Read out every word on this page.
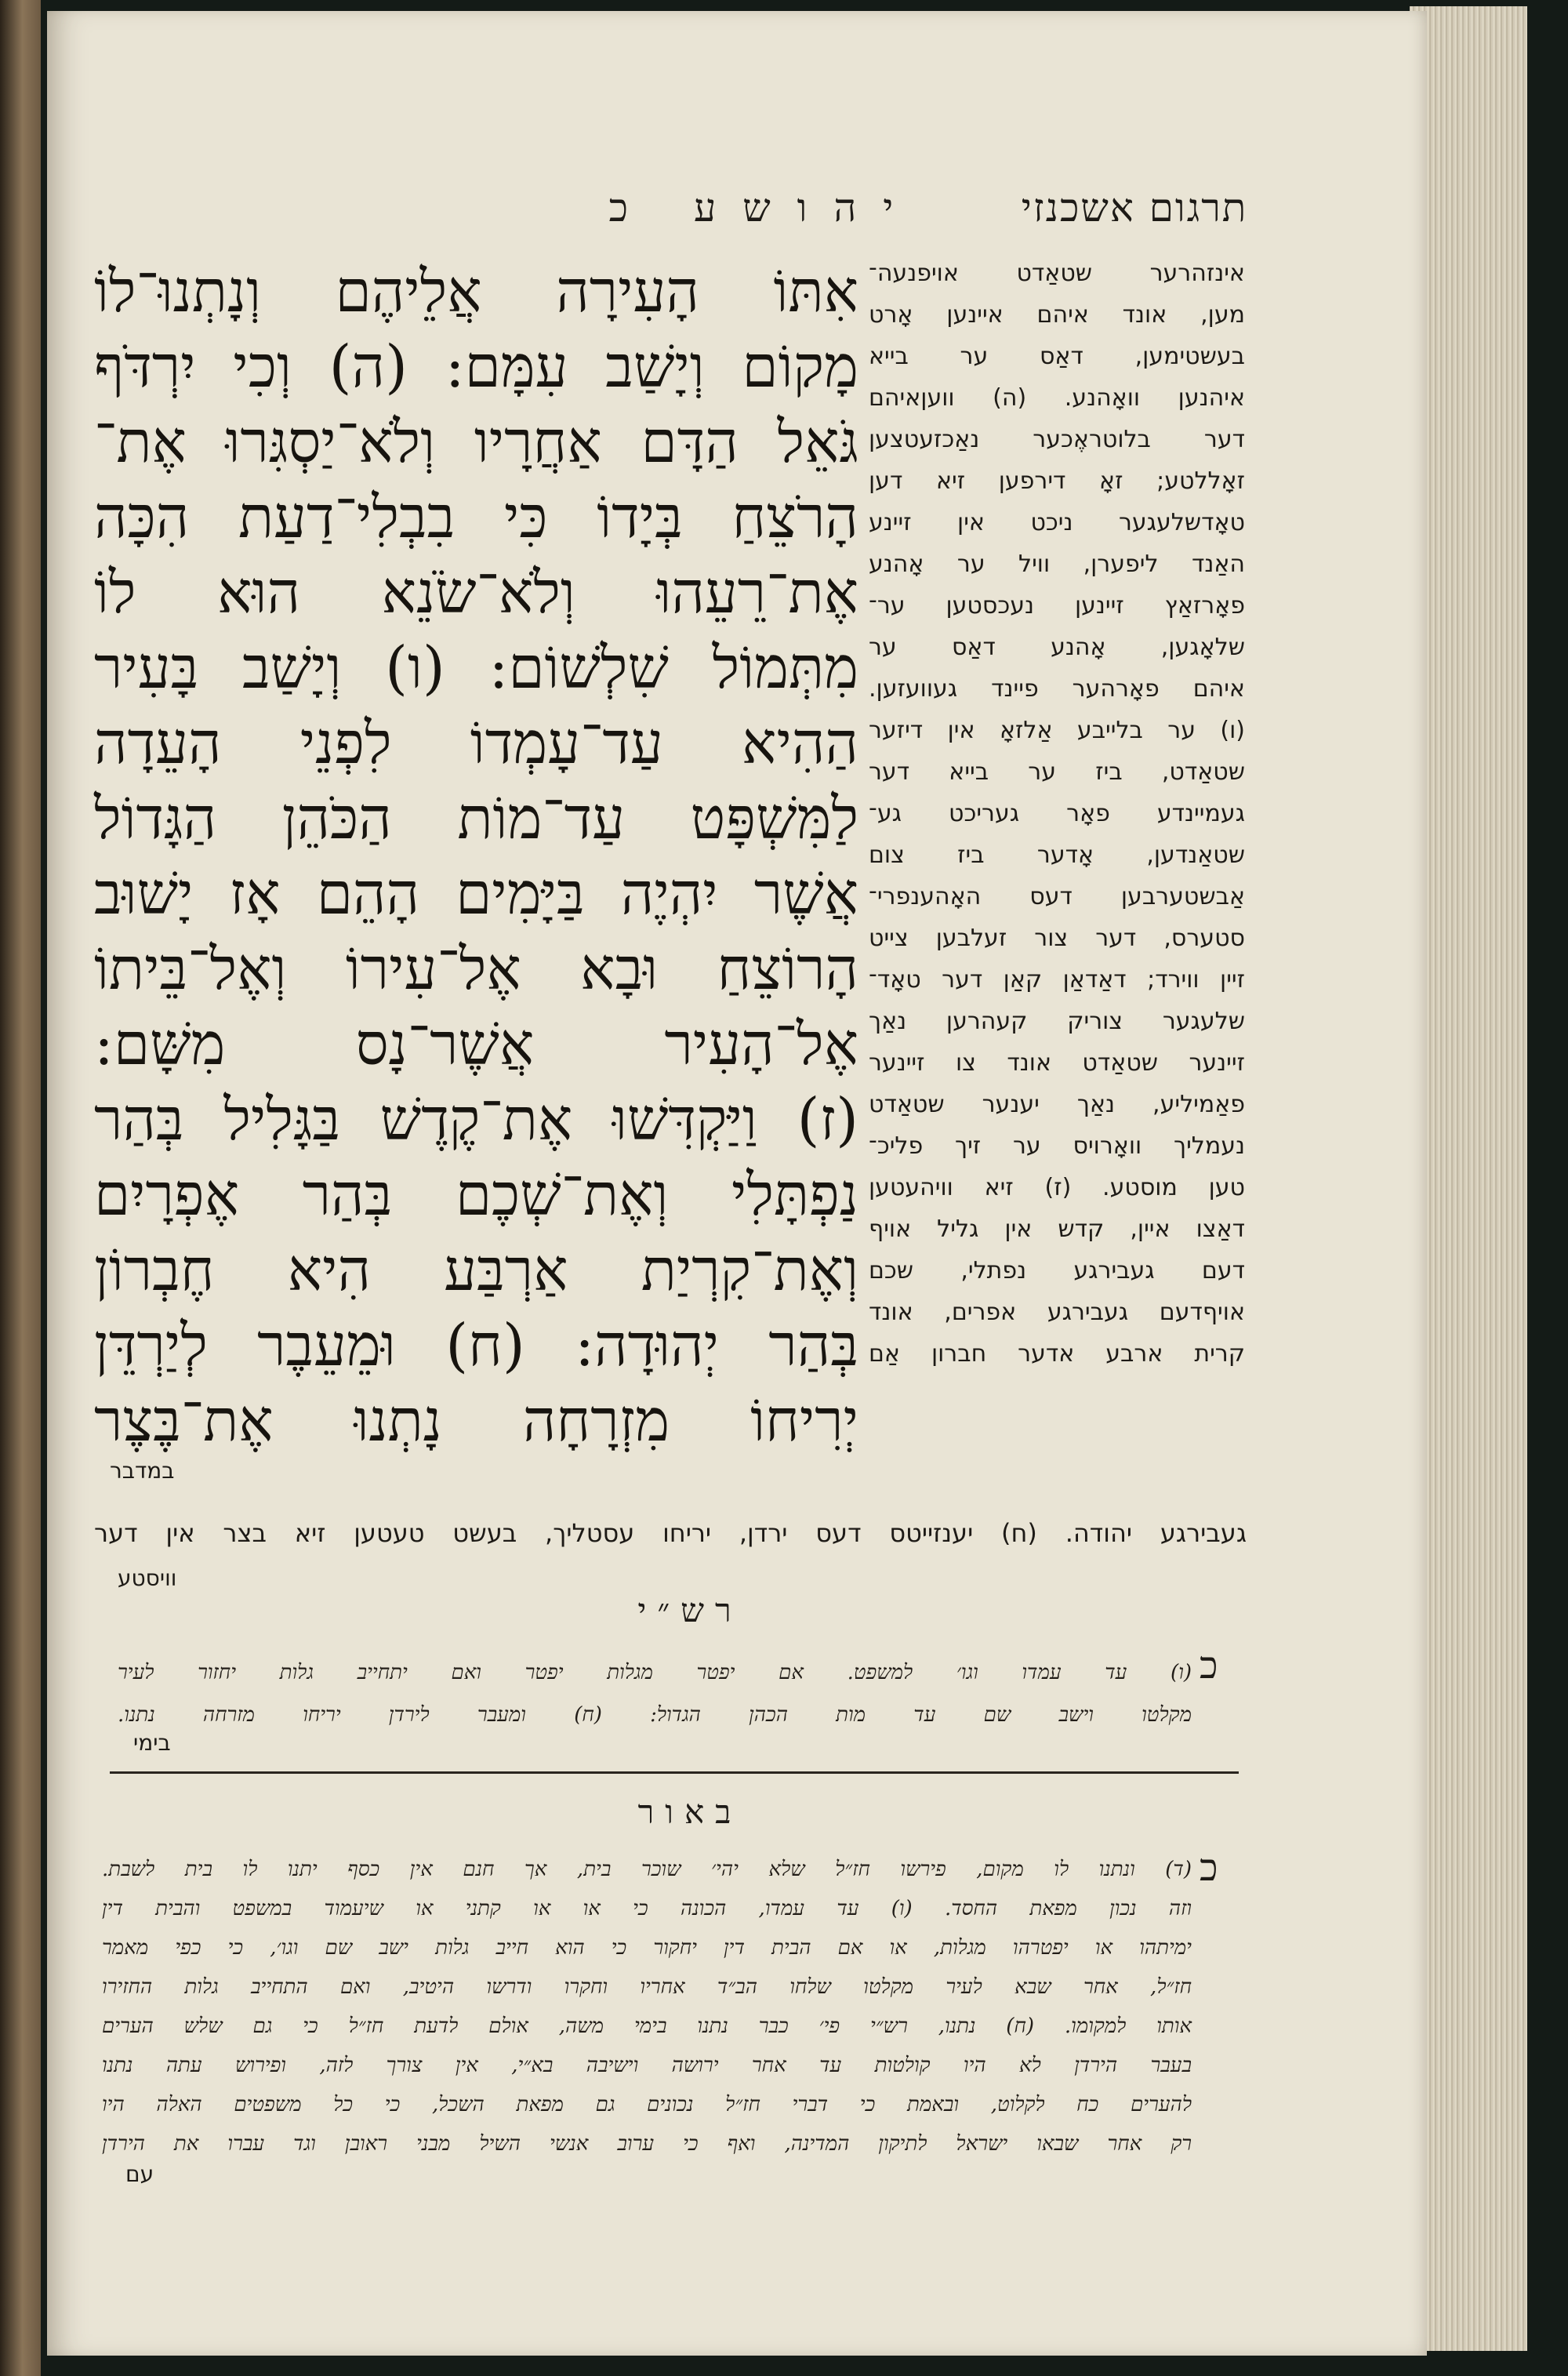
יהושע כ	תרגום אשכנזי
אִתּוֹ הָעִירָה אֲלֵיהֶם וְנָתְנוּ־לוֹ
מָקוֹם וְיָשַׁב עִמָּם: (ה) וְכִי יִרְדֹּף
גֹּאֵל הַדָּם אַחֲרָיו וְלֹא־יַסְגִּרוּ אֶת־
הָרֹצֵחַ בְּיָדוֹ כִּי בִבְלִי־דַעַת הִכָּה
אֶת־רֵעֵהוּ וְלֹא־שֹׂנֵא הוּא לוֹ
מִתְּמוֹל שִׁלְשׁוֹם: (ו) וְיָשַׁב בָּעִיר
הַהִיא עַד־עָמְדוֹ לִפְנֵי הָעֵדָה
לַמִּשְׁפָּט עַד־מוֹת הַכֹּהֵן הַגָּדוֹל
אֲשֶׁר יִהְיֶה בַּיָּמִים הָהֵם אָז יָשׁוּב
הָרוֹצֵחַ וּבָא אֶל־עִירוֹ וְאֶל־בֵּיתוֹ
אֶל־הָעִיר אֲשֶׁר־נָס מִשָּׁם:
(ז) וַיַּקְדִּשׁוּ אֶת־קֶדֶשׁ בַּגָּלִיל בְּהַר
נַפְתָּלִי וְאֶת־שְׁכֶם בְּהַר אֶפְרָיִם
וְאֶת־קִרְיַת אַרְבַּע הִיא חֶבְרוֹן
בְּהַר יְהוּדָה: (ח) וּמֵעֵבֶר לְיַרְדֵּן
יְרִיחוֹ מִזְרָחָה נָתְנוּ אֶת־בֶּצֶר
במדבר
אינזהרער שטאַדט אויפנעה־
מען, אונד איהם איינען אָרט
בעשטימען, דאַס ער בייא
איהנען וואָהנע. (ה) וועןאיהם
דער בלוטראֶכער נאַכזעטצען
זאָללטע; זאָ דירפען זיא דען
טאָדשלעגער ניכט אין זיינע
האַנד ליפערן, וויל ער אָהנע
פאָרזאַץ זיינען נעכסטען ער־
שלאָגען, אָהנע דאַס ער
איהם פאָרהער פיינד געוועזען.
(ו) ער בלייבע אַלזאָ אין דיזער
שטאַדט, ביז ער בייא דער
געמיינדע פאָר געריכט גע־
שטאַנדען, אָדער ביז צום
אַבשטערבען דעס האָהענפרי־
סטערס, דער צור זעלבען צייט
זיין ווירד; דאַדאַן קאַן דער טאָד־
שלעגער צוריק קעהרען נאַך
זיינער שטאַדט אונד צו זיינער
פאַמיליע, נאַך יענער שטאַדט
נעמליך וואָרויס ער זיך פליכ־
טען מוסטע. (ז) זיא וויהעטען
דאַצו איין, קדש אין גליל אויף
דעם געבירגע נפתלי, שכם
אויףדעם געבירגע אפרים, אונד
קרית ארבע אדער חברון אַם
געבירגע יהודה. (ח) יענזייטס דעס ירדן, יריחו עסטליך, בעשט טעטען זיא בצר אין דער
וויסטע
רש״י
כ
(ו) עד עמדו וגו׳ למשפט. אם יפטר מגלות יפטר ואם יתחייב גלות יחזור לעיר
מקלטו וישב שם עד מות הכהן הגדול: (ח) ומעבר לירדן יריחו מזרחה נתנו.
בימי
באור
כ
(ד) ונתנו לו מקום, פירשו חז״ל שלא יהי׳ שוכר בית, אך חנם אין כסף יתנו לו בית לשבת.
וזה נכון מפאת החסד. (ו) עד עמדו, הכונה כי או או קתני או שיעמוד במשפט והבית דין
ימיתהו או יפטרהו מגלות, או אם הבית דין יחקור כי הוא חייב גלות ישב שם וגו׳, כי כפי מאמר
חז״ל, אחר שבא לעיר מקלטו שלחו הב״ד אחריו וחקרו ודרשו היטיב, ואם התחייב גלות החזירו
אותו למקומו. (ח) נתנו, רש״י פי׳ כבר נתנו בימי משה, אולם לדעת חז״ל כי גם שלש הערים
בעבר הירדן לא היו קולטות עד אחר ירושה וישיבה בא״י, אין צורך לזה, ופירוש עתה נתנו
להערים כח לקלוט, ובאמת כי דברי חז״ל נכונים גם מפאת השכל, כי כל משפטים האלה היו
רק אחר שבאו ישראל לתיקון המדינה, ואף כי ערוב אנשי השיל מבני ראובן וגד עברו את הירדן
עם
